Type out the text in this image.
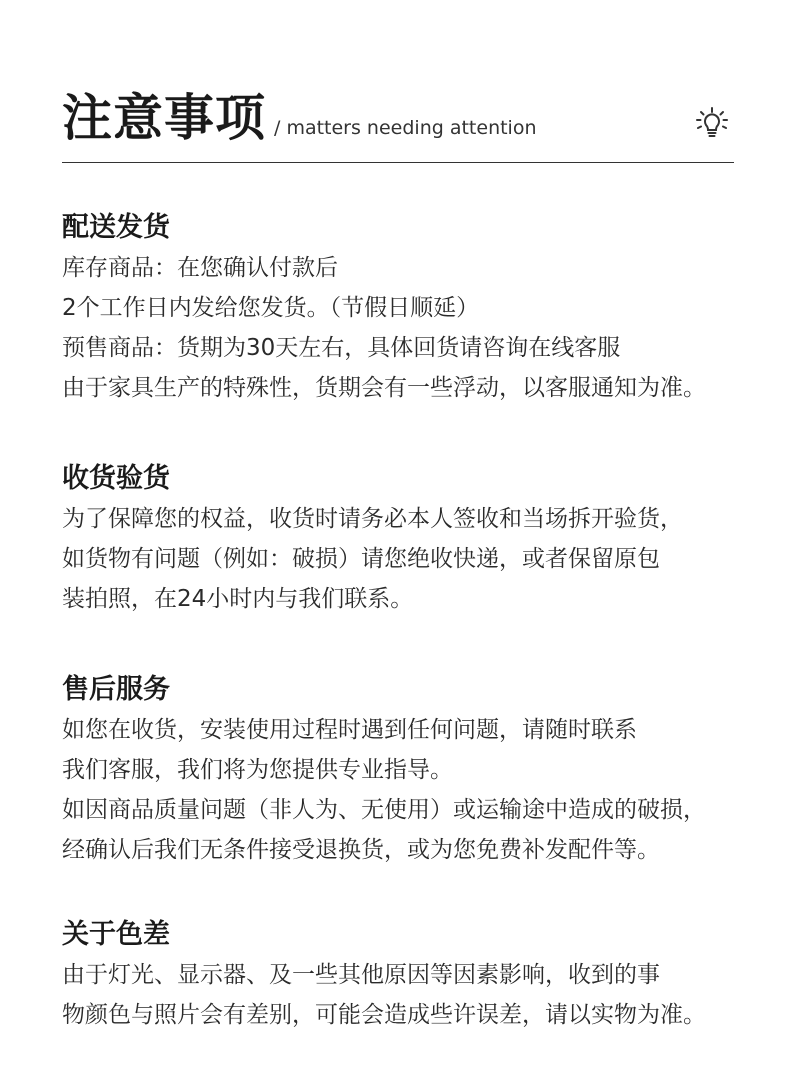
注意事项 / matters needing attention
配送发货

库存商品：在您确认付款后

2个工作日内发给您发货。（节假日顺延）

预售商品：货期为30天左右，具体回货请咨询在线客服

由于家具生产的特殊性，货期会有一些浮动，以客服通知为准。

收货验货

为了保障您的权益，收货时请务必本人签收和当场拆开验货，

如货物有问题（例如：破损）请您绝收快递，或者保留原包

装拍照，在24小时内与我们联系。

售后服务

如您在收货，安装使用过程时遇到任何问题，请随时联系

我们客服，我们将为您提供专业指导。

如因商品质量问题（非人为、无使用）或运输途中造成的破损，

经确认后我们无条件接受退换货，或为您免费补发配件等。

关于色差

由于灯光、显示器、及一些其他原因等因素影响，收到的事

物颜色与照片会有差别，可能会造成些许误差，请以实物为准。
